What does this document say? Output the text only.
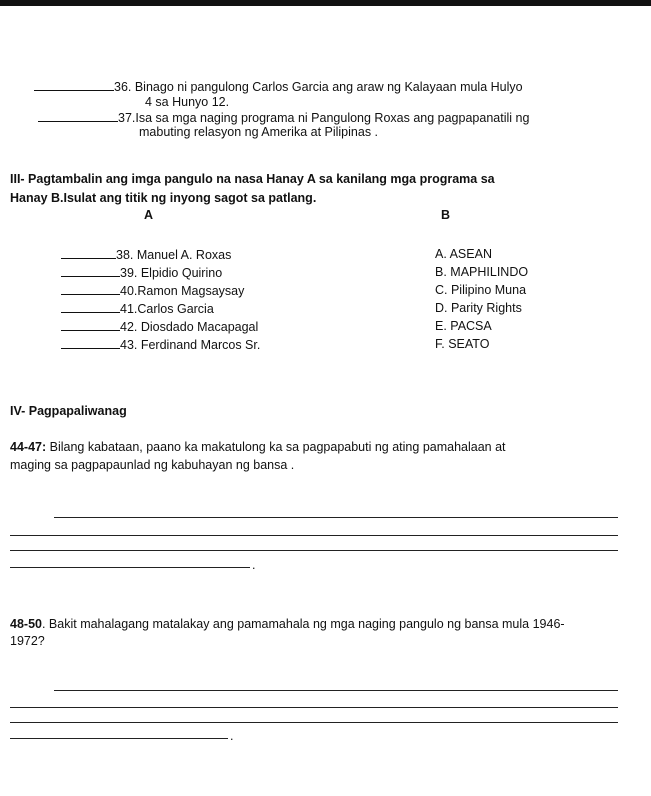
36. Binago ni pangulong Carlos Garcia ang araw ng Kalayaan mula Hulyo
4 sa Hunyo 12.
37.Isa sa mga naging programa ni Pangulong Roxas ang pagpapanatili ng
mabuting relasyon ng Amerika at Pilipinas .
III- Pagtambalin ang imga pangulo na nasa Hanay A sa kanilang mga programa sa
Hanay B.Isulat ang titik ng inyong sagot sa patlang.
A	B
38. Manuel A. Roxas
39. Elpidio Quirino
40.Ramon Magsaysay
41.Carlos Garcia
42. Diosdado Macapagal
43. Ferdinand Marcos Sr.
A. ASEAN
B. MAPHILINDO
C. Pilipino Muna
D. Parity Rights
E. PACSA
F. SEATO
IV- Pagpapaliwanag
44-47: Bilang kabataan, paano ka makatulong ka sa pagpapabuti ng ating pamahalaan at
maging sa pagpapaunlad ng kabuhayan ng bansa .
.
48-50. Bakit mahalagang matalakay ang pamamahala ng mga naging pangulo ng bansa mula 1946-
1972?
.
